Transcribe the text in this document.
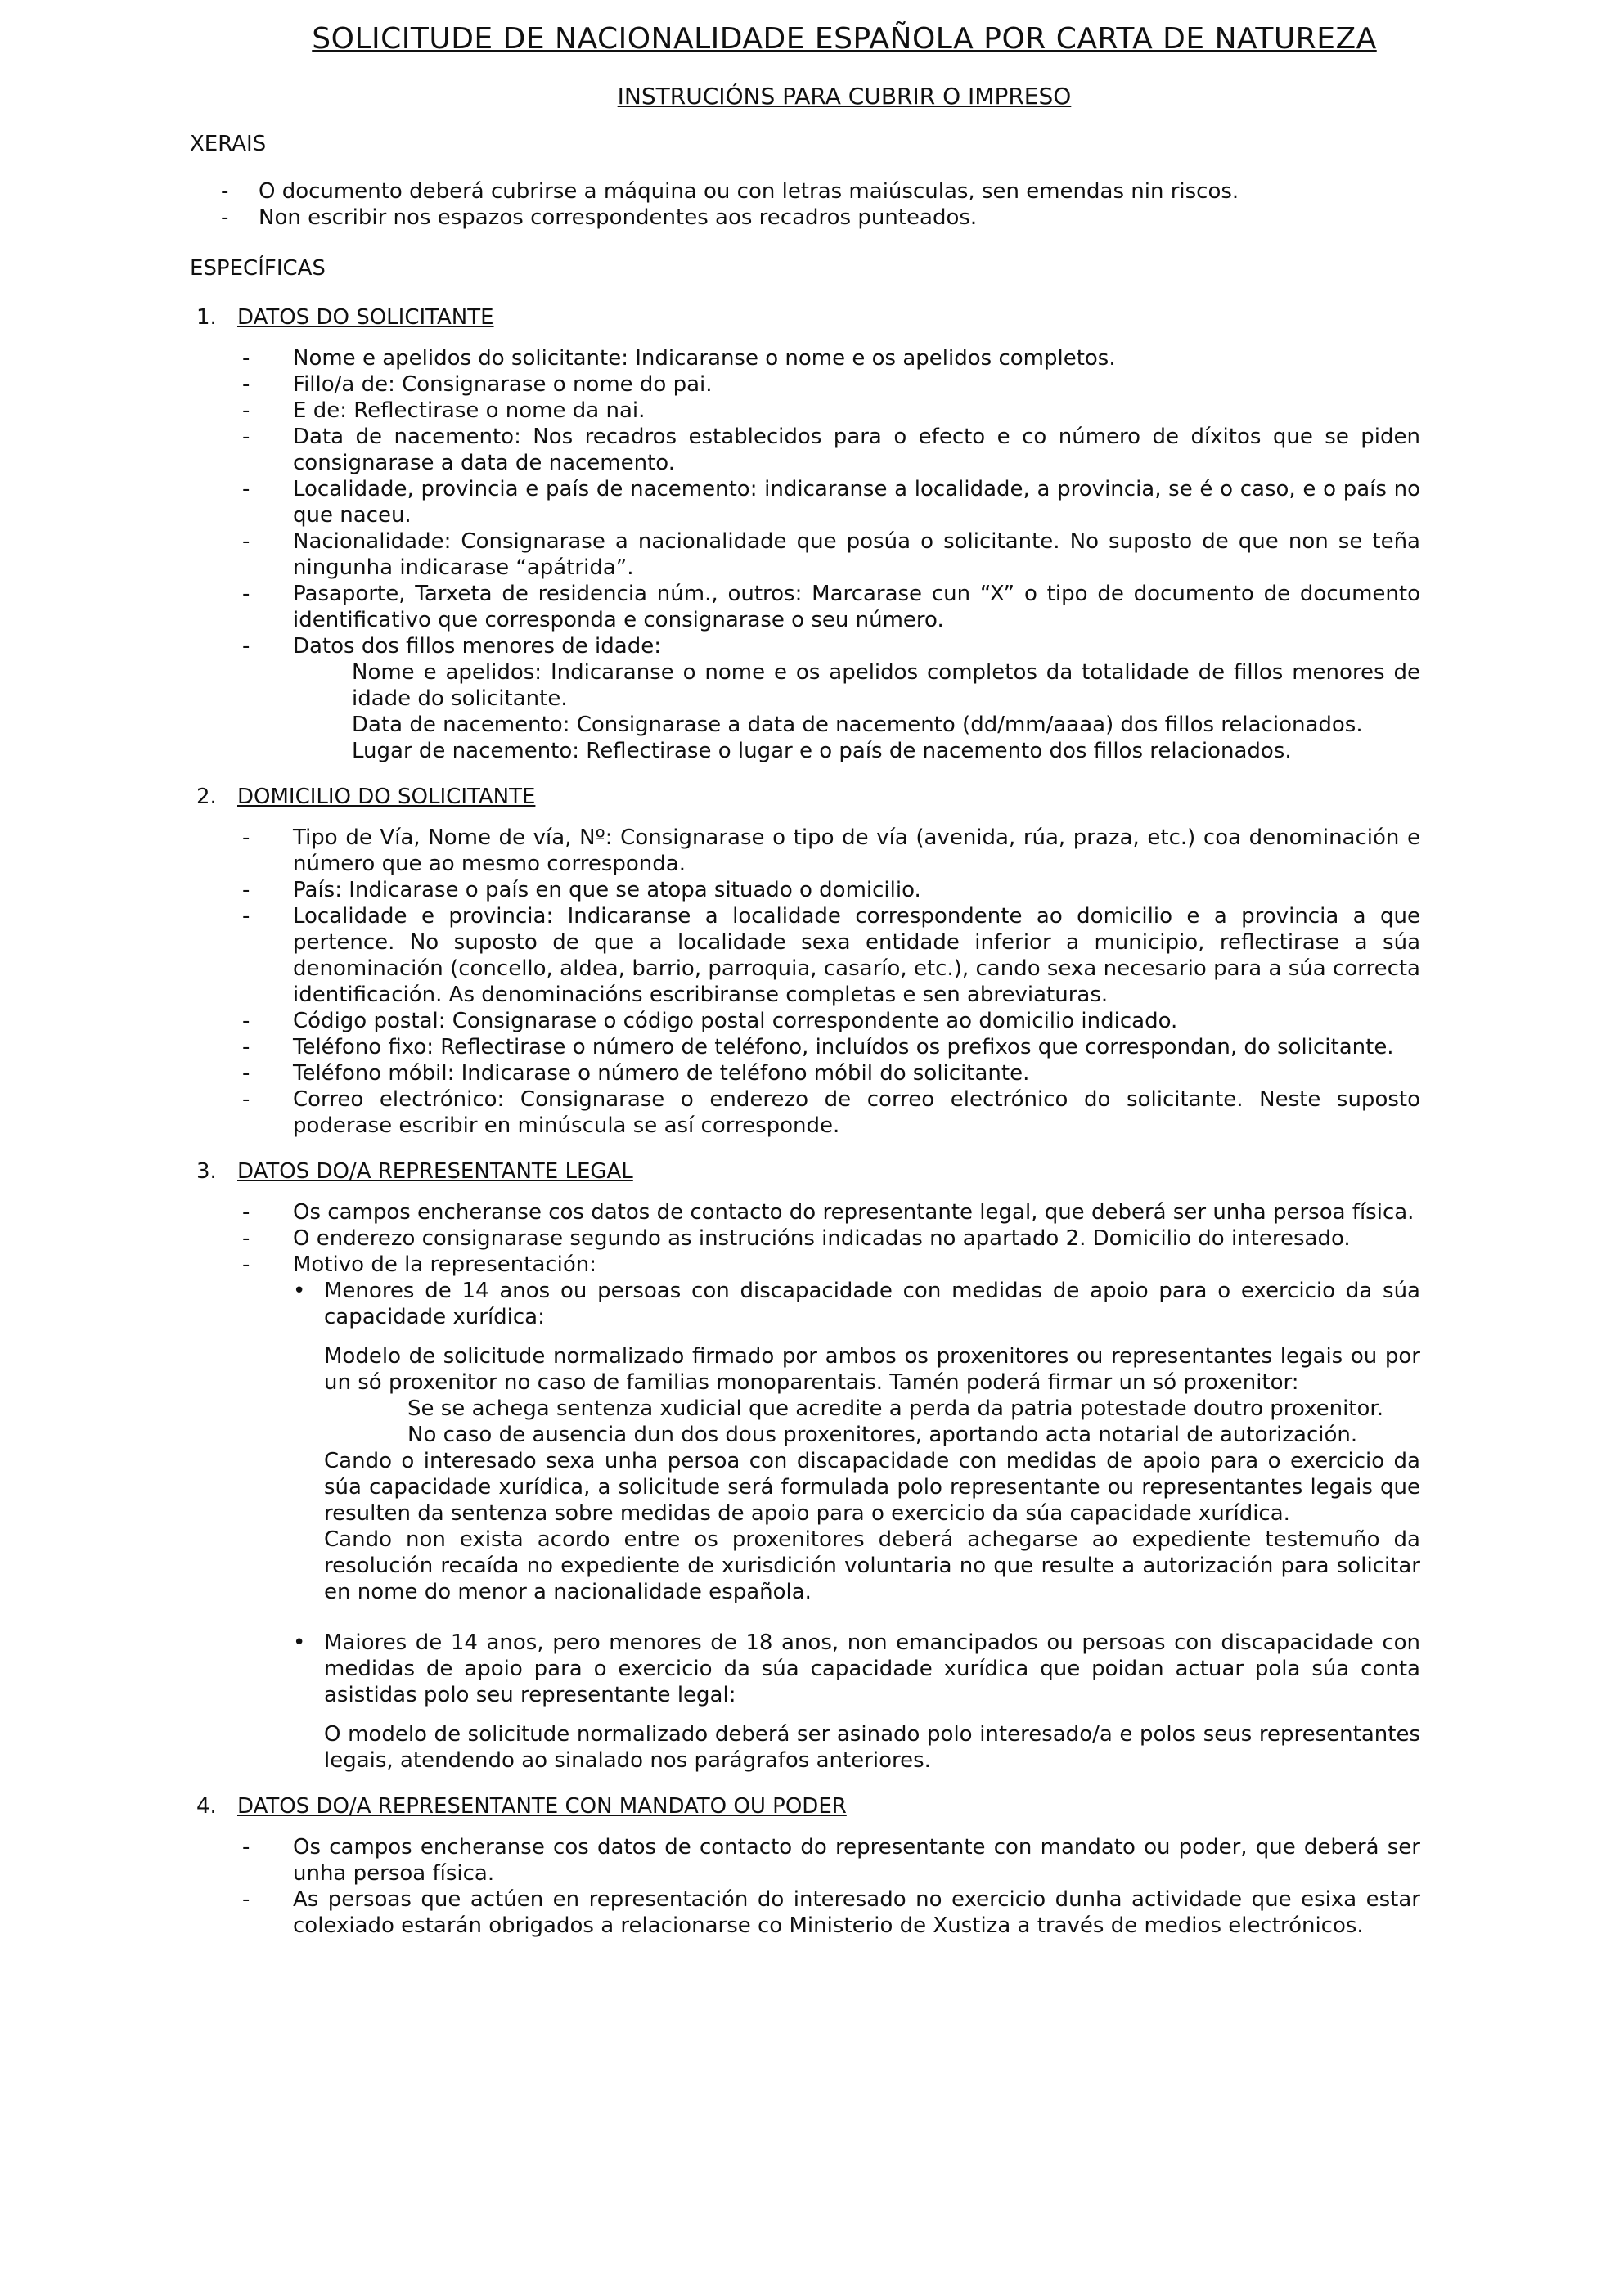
SOLICITUDE DE NACIONALIDADE ESPAÑOLA POR CARTA DE NATUREZA
INSTRUCIÓNS PARA CUBRIR O IMPRESO

XERAIS

- O documento deberá cubrirse a máquina ou con letras maiúsculas, sen emendas nin riscos.
- Non escribir nos espazos correspondentes aos recadros punteados.

ESPECÍFICAS

1. DATOS DO SOLICITANTE

- Nome e apelidos do solicitante: Indicaranse o nome e os apelidos completos.
- Fillo/a de: Consignarase o nome do pai.
- E de: Reflectirase o nome da nai.
- Data de nacemento: Nos recadros establecidos para o efecto e co número de díxitos que se piden consignarase a data de nacemento.
- Localidade, provincia e país de nacemento: indicaranse a localidade, a provincia, se é o caso, e o país no que naceu.
- Nacionalidade: Consignarase a nacionalidade que posúa o solicitante. No suposto de que non se teña ningunha indicarase “apátrida”.
- Pasaporte, Tarxeta de residencia núm., outros: Marcarase cun “X” o tipo de documento de documento identificativo que corresponda e consignarase o seu número.
- Datos dos fillos menores de idade:

Nome e apelidos: Indicaranse o nome e os apelidos completos da totalidade de fillos menores de idade do solicitante.

Data de nacemento: Consignarase a data de nacemento (dd/mm/aaaa) dos fillos relacionados.

Lugar de nacemento: Reflectirase o lugar e o país de nacemento dos fillos relacionados.

2. DOMICILIO DO SOLICITANTE

- Tipo de Vía, Nome de vía, Nº: Consignarase o tipo de vía (avenida, rúa, praza, etc.) coa denominación e número que ao mesmo corresponda.
- País: Indicarase o país en que se atopa situado o domicilio.
- Localidade e provincia: Indicaranse a localidade correspondente ao domicilio e a provincia a que pertence. No suposto de que a localidade sexa entidade inferior a municipio, reflectirase a súa denominación (concello, aldea, barrio, parroquia, casarío, etc.), cando sexa necesario para a súa correcta identificación. As denominacións escribiranse completas e sen abreviaturas.
- Código postal: Consignarase o código postal correspondente ao domicilio indicado.
- Teléfono fixo: Reflectirase o número de teléfono, incluídos os prefixos que correspondan, do solicitante.
- Teléfono móbil: Indicarase o número de teléfono móbil do solicitante.
- Correo electrónico: Consignarase o enderezo de correo electrónico do solicitante. Neste suposto poderase escribir en minúscula se así corresponde.

3. DATOS DO/A REPRESENTANTE LEGAL

- Os campos encheranse cos datos de contacto do representante legal, que deberá ser unha persoa física.
- O enderezo consignarase segundo as instrucións indicadas no apartado 2. Domicilio do interesado.
- Motivo de la representación:
• Menores de 14 anos ou persoas con discapacidade con medidas de apoio para o exercicio da súa capacidade xurídica:

Modelo de solicitude normalizado firmado por ambos os proxenitores ou representantes legais ou por un só proxenitor no caso de familias monoparentais. Tamén poderá firmar un só proxenitor:

Se se achega sentenza xudicial que acredite a perda da patria potestade doutro proxenitor.

No caso de ausencia dun dos dous proxenitores, aportando acta notarial de autorización.

Cando o interesado sexa unha persoa con discapacidade con medidas de apoio para o exercicio da súa capacidade xurídica, a solicitude será formulada polo representante ou representantes legais que resulten da sentenza sobre medidas de apoio para o exercicio da súa capacidade xurídica.

Cando non exista acordo entre os proxenitores deberá achegarse ao expediente testemuño da resolución recaída no expediente de xurisdición voluntaria no que resulte a autorización para solicitar en nome do menor a nacionalidade española.

• Maiores de 14 anos, pero menores de 18 anos, non emancipados ou persoas con discapacidade con medidas de apoio para o exercicio da súa capacidade xurídica que poidan actuar pola súa conta asistidas polo seu representante legal:

O modelo de solicitude normalizado deberá ser asinado polo interesado/a e polos seus representantes legais, atendendo ao sinalado nos parágrafos anteriores.

4. DATOS DO/A REPRESENTANTE CON MANDATO OU PODER

- Os campos encheranse cos datos de contacto do representante con mandato ou poder, que deberá ser unha persoa física.
- As persoas que actúen en representación do interesado no exercicio dunha actividade que esixa estar colexiado estarán obrigados a relacionarse co Ministerio de Xustiza a través de medios electrónicos.
